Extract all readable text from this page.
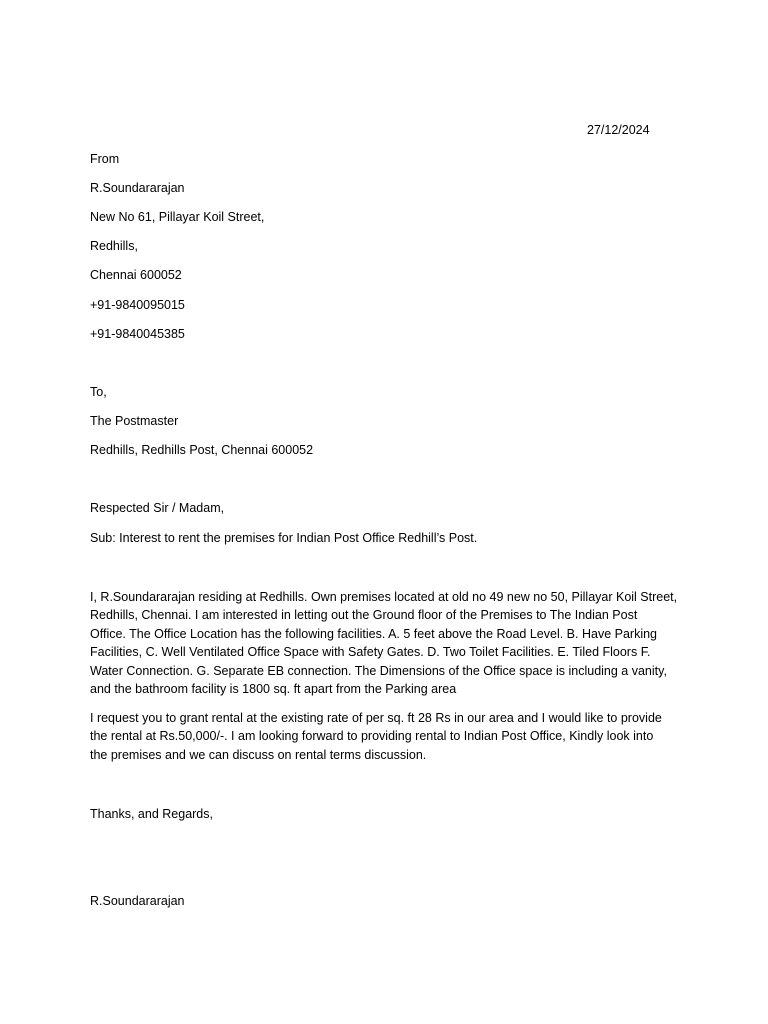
27/12/2024
From
R.Soundararajan
New No 61, Pillayar Koil Street,
Redhills,
Chennai 600052
+91-9840095015
+91-9840045385
To,
The Postmaster
Redhills, Redhills Post, Chennai 600052
Respected Sir / Madam,
Sub: Interest to rent the premises for Indian Post Office Redhill’s Post.
I, R.Soundararajan residing at Redhills. Own premises located at old no 49 new no 50, Pillayar Koil Street,
Redhills, Chennai. I am interested in letting out the Ground floor of the Premises to The Indian Post
Office. The Office Location has the following facilities. A. 5 feet above the Road Level. B. Have Parking
Facilities, C. Well Ventilated Office Space with Safety Gates. D. Two Toilet Facilities. E. Tiled Floors F.
Water Connection. G. Separate EB connection. The Dimensions of the Office space is including a vanity,
and the bathroom facility is 1800 sq. ft apart from the Parking area
I request you to grant rental at the existing rate of per sq. ft 28 Rs in our area and I would like to provide
the rental at Rs.50,000/-. I am looking forward to providing rental to Indian Post Office, Kindly look into
the premises and we can discuss on rental terms discussion.
Thanks, and Regards,
R.Soundararajan
